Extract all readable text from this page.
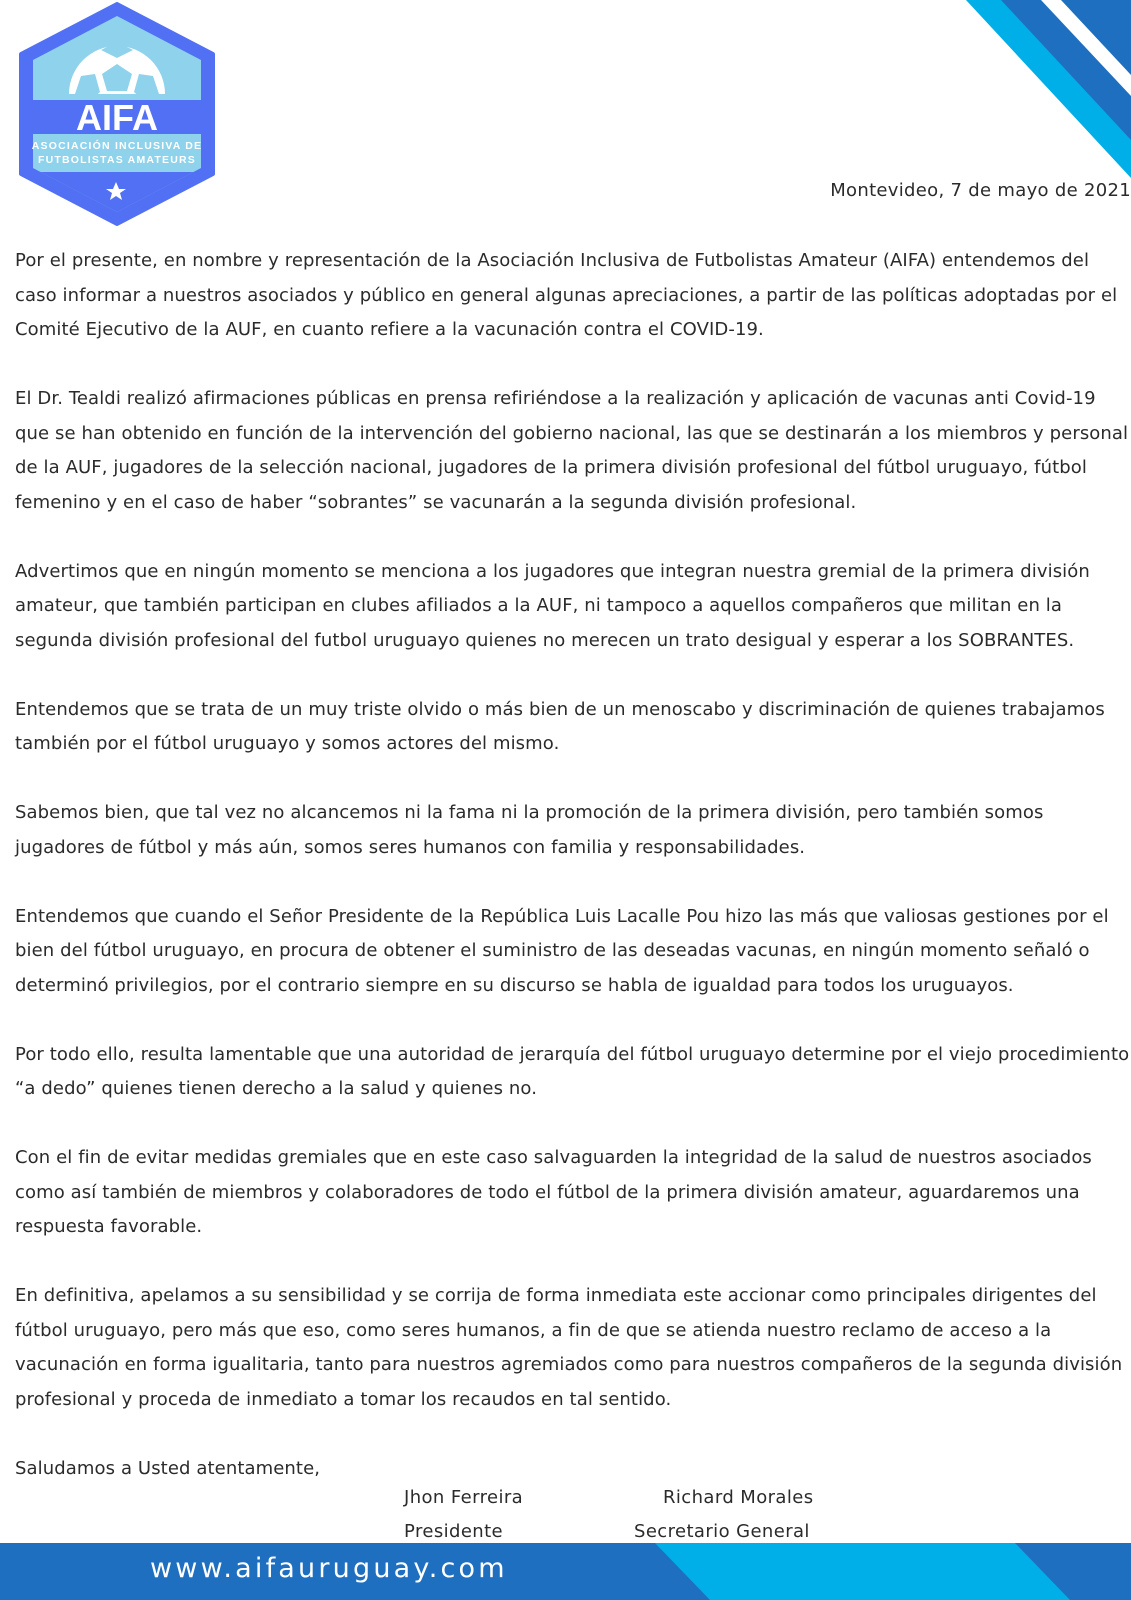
AIFA
ASOCIACIÓN INCLUSIVA DE
FUTBOLISTAS AMATEURS
Montevideo, 7 de mayo de 2021

Por el presente, en nombre y representación de la Asociación Inclusiva de Futbolistas Amateur (AIFA) entendemos del caso informar a nuestros asociados y público en general algunas apreciaciones, a partir de las políticas adoptadas por el Comité Ejecutivo de la AUF, en cuanto refiere a la vacunación contra el COVID-19.

El Dr. Tealdi realizó afirmaciones públicas en prensa refiriéndose a la realización y aplicación de vacunas anti Covid-19 que se han obtenido en función de la intervención del gobierno nacional, las que se destinarán a los miembros y personal de la AUF, jugadores de la selección nacional, jugadores de la primera división profesional del fútbol uruguayo, fútbol femenino y en el caso de haber “sobrantes” se vacunarán a la segunda división profesional.

Advertimos que en ningún momento se menciona a los jugadores que integran nuestra gremial de la primera división amateur, que también participan en clubes afiliados a la AUF, ni tampoco a aquellos compañeros que militan en la segunda división profesional del futbol uruguayo quienes no merecen un trato desigual y esperar a los SOBRANTES.

Entendemos que se trata de un muy triste olvido o más bien de un menoscabo y discriminación de quienes trabajamos también por el fútbol uruguayo y somos actores del mismo.

Sabemos bien, que tal vez no alcancemos ni la fama ni la promoción de la primera división, pero también somos jugadores de fútbol y más aún, somos seres humanos con familia y responsabilidades.

Entendemos que cuando el Señor Presidente de la República Luis Lacalle Pou hizo las más que valiosas gestiones por el bien del fútbol uruguayo, en procura de obtener el suministro de las deseadas vacunas, en ningún momento señaló o determinó privilegios, por el contrario siempre en su discurso se habla de igualdad para todos los uruguayos.

Por todo ello, resulta lamentable que una autoridad de jerarquía del fútbol uruguayo determine por el viejo procedimiento “a dedo” quienes tienen derecho a la salud y quienes no.

Con el fin de evitar medidas gremiales que en este caso salvaguarden la integridad de la salud de nuestros asociados como así también de miembros y colaboradores de todo el fútbol de la primera división amateur, aguardaremos una respuesta favorable.

En definitiva, apelamos a su sensibilidad y se corrija de forma inmediata este accionar como principales dirigentes del fútbol uruguayo, pero más que eso, como seres humanos, a fin de que se atienda nuestro reclamo de acceso a la vacunación en forma igualitaria, tanto para nuestros agremiados como para nuestros compañeros de la segunda división profesional y proceda de inmediato a tomar los recaudos en tal sentido.

Saludamos a Usted atentamente,

Jhon Ferreira
Presidente
Richard Morales
Secretario General
www.aifauruguay.com
